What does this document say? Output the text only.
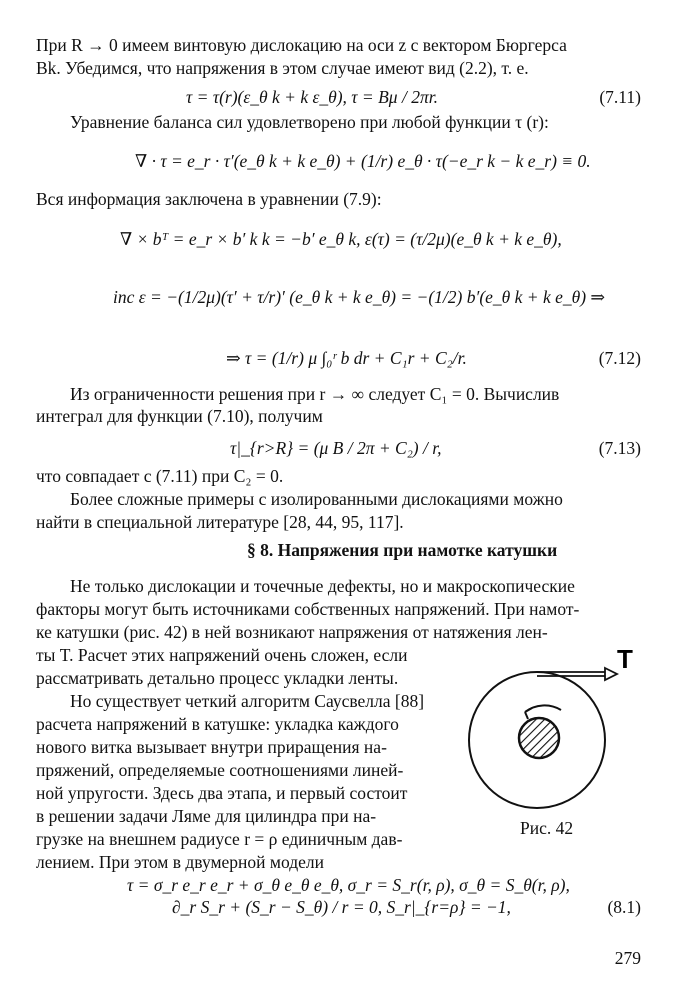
При R → 0 имеем винтовую дислокацию на оси z с вектором Бюргерса
Bk. Убедимся, что напряжения в этом случае имеют вид (2.2), т. е.
τ = τ(r)(ε_θ k + k ε_θ), τ = Bμ / 2πr.	(7.11)
Уравнение баланса сил удовлетворено при любой функции τ (r):
∇ · τ = e_r · τ′(e_θ k + k e_θ) + (1/r) e_θ · τ(−e_r k − k e_r) ≡ 0.
Вся информация заключена в уравнении (7.9):
∇ × bᵀ = e_r × b′ k k = −b′ e_θ k, ε(τ) = (τ/2μ)(e_θ k + k e_θ),
inc ε = −(1/2μ)(τ′ + τ/r)′ (e_θ k + k e_θ) = −(1/2) b′(e_θ k + k e_θ) ⇒
⇒ τ = (1/r) μ ∫₀ʳ b dr + C₁r + C₂/r.	(7.12)
Из ограниченности решения при r → ∞ следует C₁ = 0. Вычислив
интеграл для функции (7.10), получим
τ|_{r>R} = (μ B / 2π + C₂) / r,	(7.13)
что совпадает с (7.11) при C₂ = 0.
Более сложные примеры с изолированными дислокациями можно
найти в специальной литературе [28, 44, 95, 117].
§ 8. Напряжения при намотке катушки
Не только дислокации и точечные дефекты, но и макроскопические
факторы могут быть источниками собственных напряжений. При намот-
ке катушки (рис. 42) в ней возникают напряжения от натяжения лен-
ты T. Расчет этих напряжений очень сложен, если
рассматривать детально процесс укладки ленты.
Но существует четкий алгоритм Саусвелла [88]
расчета напряжений в катушке: укладка каждого
нового витка вызывает внутри приращения на-
пряжений, определяемые соотношениями линей-
ной упругости. Здесь два этапа, и первый состоит
в решении задачи Ляме для цилиндра при на-
грузке на внешнем радиусе r = ρ единичным дав-
лением. При этом в двумерной модели
T
Рис. 42
τ = σ_r e_r e_r + σ_θ e_θ e_θ, σ_r = S_r(r, ρ), σ_θ = S_θ(r, ρ),
∂_r S_r + (S_r − S_θ) / r = 0, S_r|_{r=ρ} = −1,	(8.1)
279
